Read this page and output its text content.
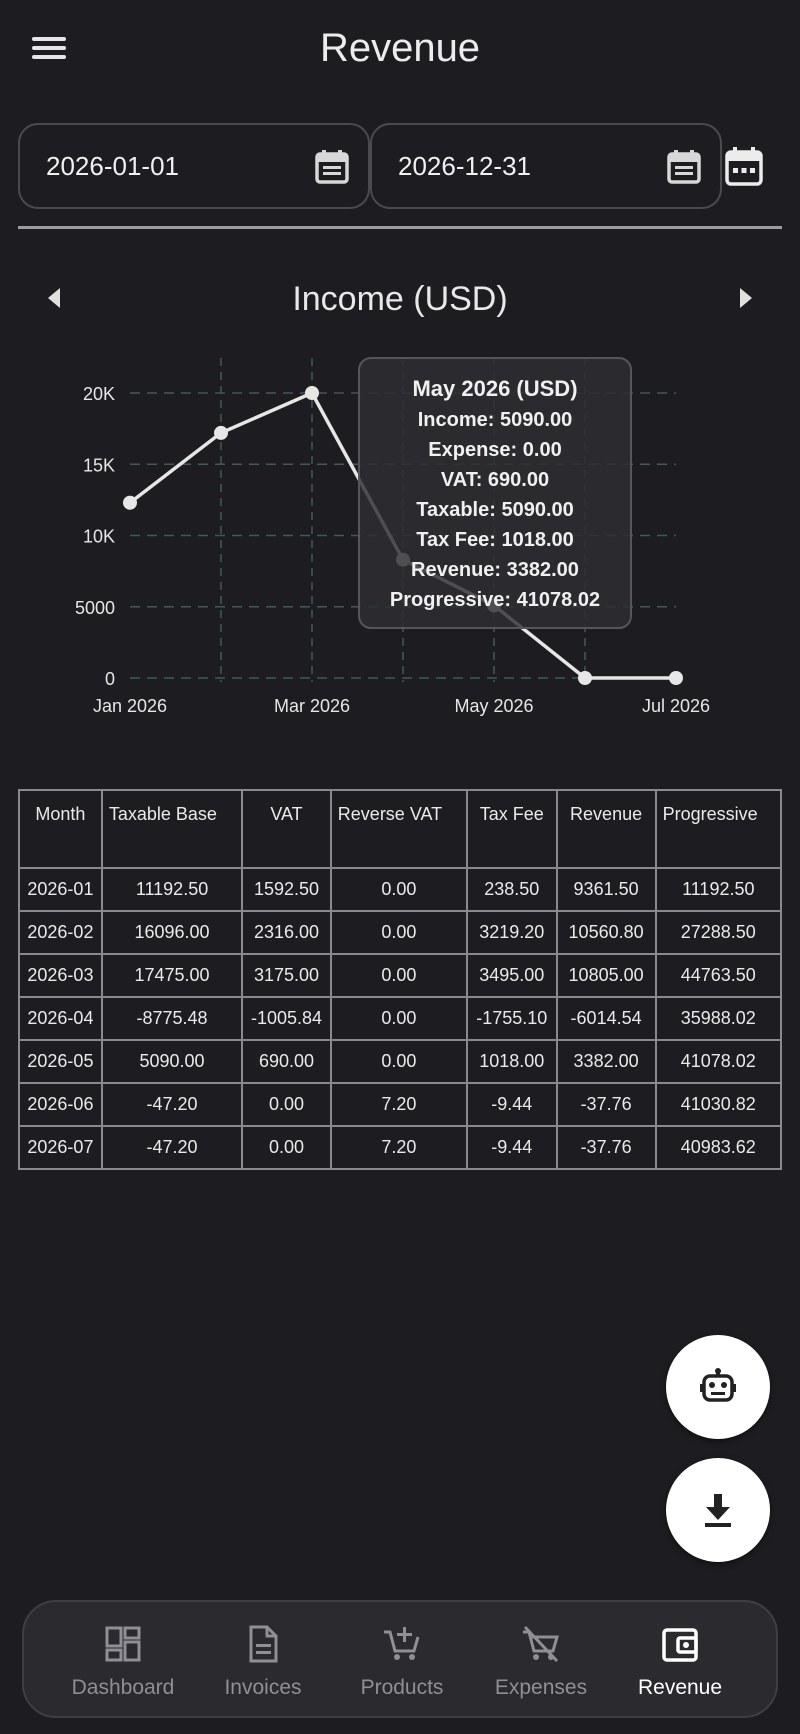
Revenue
2026-01-01	2026-12-31
Income (USD)
0
5000
10K
15K
20K
Jan 2026	Mar 2026	May 2026	Jul 2026
May 2026 (USD)
Income: 5090.00
Expense: 0.00
VAT: 690.00
Taxable: 5090.00
Tax Fee: 1018.00
Revenue: 3382.00
Progressive: 41078.02
Month	Taxable Base	VAT	Reverse VAT	Tax Fee	Revenue	Progressive
2026-01	11192.50	1592.50	0.00	238.50	9361.50	11192.50
2026-02	16096.00	2316.00	0.00	3219.20	10560.80	27288.50
2026-03	17475.00	3175.00	0.00	3495.00	10805.00	44763.50
2026-04	-8775.48	-1005.84	0.00	-1755.10	-6014.54	35988.02
2026-05	5090.00	690.00	0.00	1018.00	3382.00	41078.02
2026-06	-47.20	0.00	7.20	-9.44	-37.76	41030.82
2026-07	-47.20	0.00	7.20	-9.44	-37.76	40983.62
Dashboard	Invoices	Products	Expenses	Revenue
